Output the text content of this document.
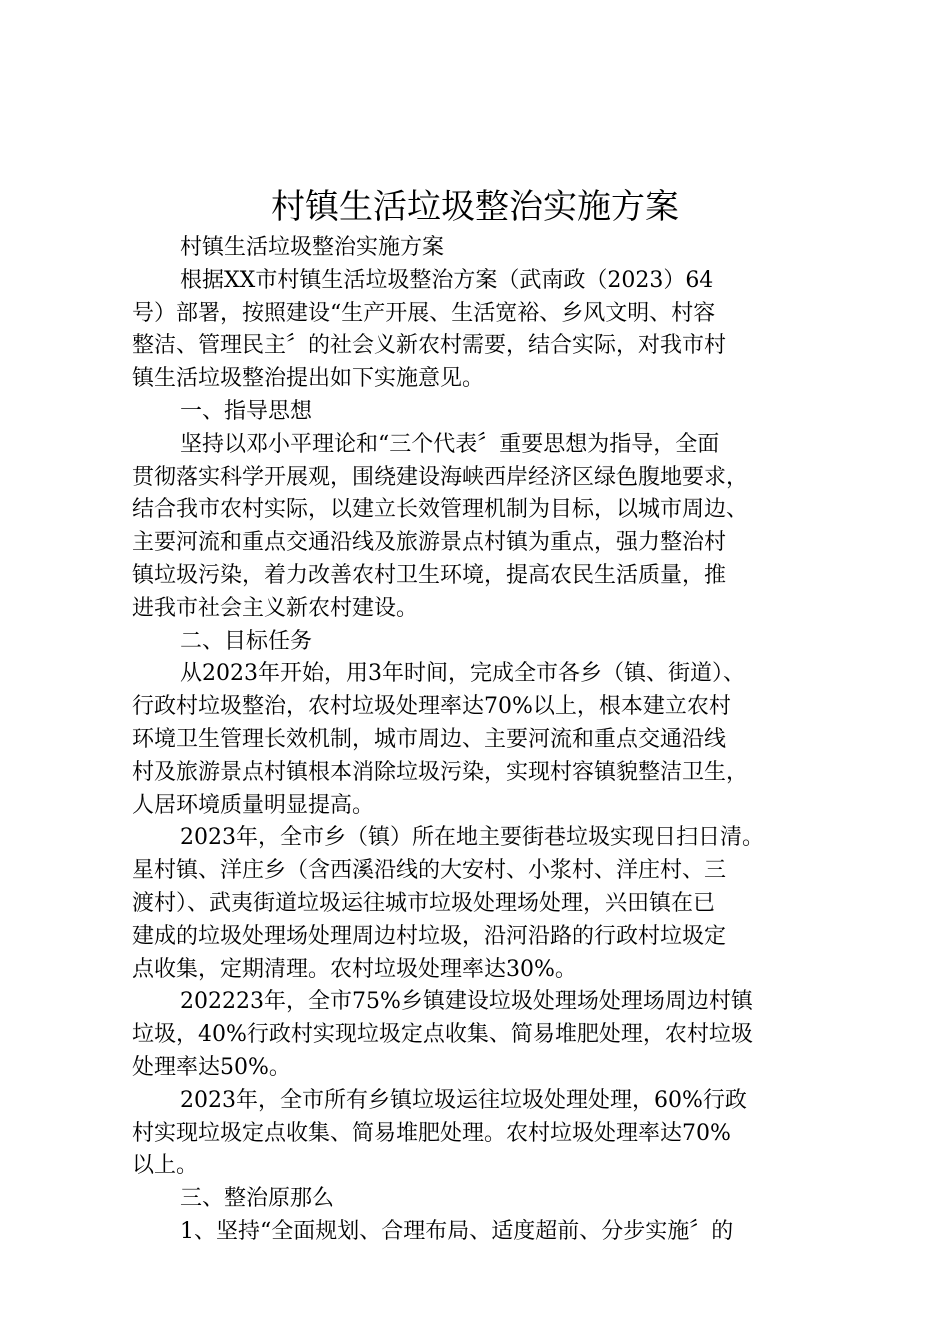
村镇生活垃圾整治实施方案
村镇生活垃圾整治实施方案
根据XX市村镇生活垃圾整治方案（武南政（2023）64
号）部署，按照建设“生产开展、生活宽裕、乡风文明、村容
整洁、管理民主〞的社会义新农村需要，结合实际，对我市村
镇生活垃圾整治提出如下实施意见。
一、指导思想
坚持以邓小平理论和“三个代表〞重要思想为指导，全面
贯彻落实科学开展观，围绕建设海峡西岸经济区绿色腹地要求，
结合我市农村实际，以建立长效管理机制为目标，以城市周边、
主要河流和重点交通沿线及旅游景点村镇为重点，强力整治村
镇垃圾污染，着力改善农村卫生环境，提高农民生活质量，推
进我市社会主义新农村建设。
二、目标任务
从2023年开始，用3年时间，完成全市各乡（镇、街道）、
行政村垃圾整治，农村垃圾处理率达70%以上，根本建立农村
环境卫生管理长效机制，城市周边、主要河流和重点交通沿线
村及旅游景点村镇根本消除垃圾污染，实现村容镇貌整洁卫生，
人居环境质量明显提高。
2023年，全市乡（镇）所在地主要街巷垃圾实现日扫日清。
星村镇、洋庄乡（含西溪沿线的大安村、小浆村、洋庄村、三
渡村）、武夷街道垃圾运往城市垃圾处理场处理，兴田镇在已
建成的垃圾处理场处理周边村垃圾，沿河沿路的行政村垃圾定
点收集，定期清理。农村垃圾处理率达30%。
202223年，全市75%乡镇建设垃圾处理场处理场周边村镇
垃圾，40%行政村实现垃圾定点收集、简易堆肥处理，农村垃圾
处理率达50%。
2023年，全市所有乡镇垃圾运往垃圾处理处理，60%行政
村实现垃圾定点收集、简易堆肥处理。农村垃圾处理率达70%
以上。
三、整治原那么
1、坚持“全面规划、合理布局、适度超前、分步实施〞的
